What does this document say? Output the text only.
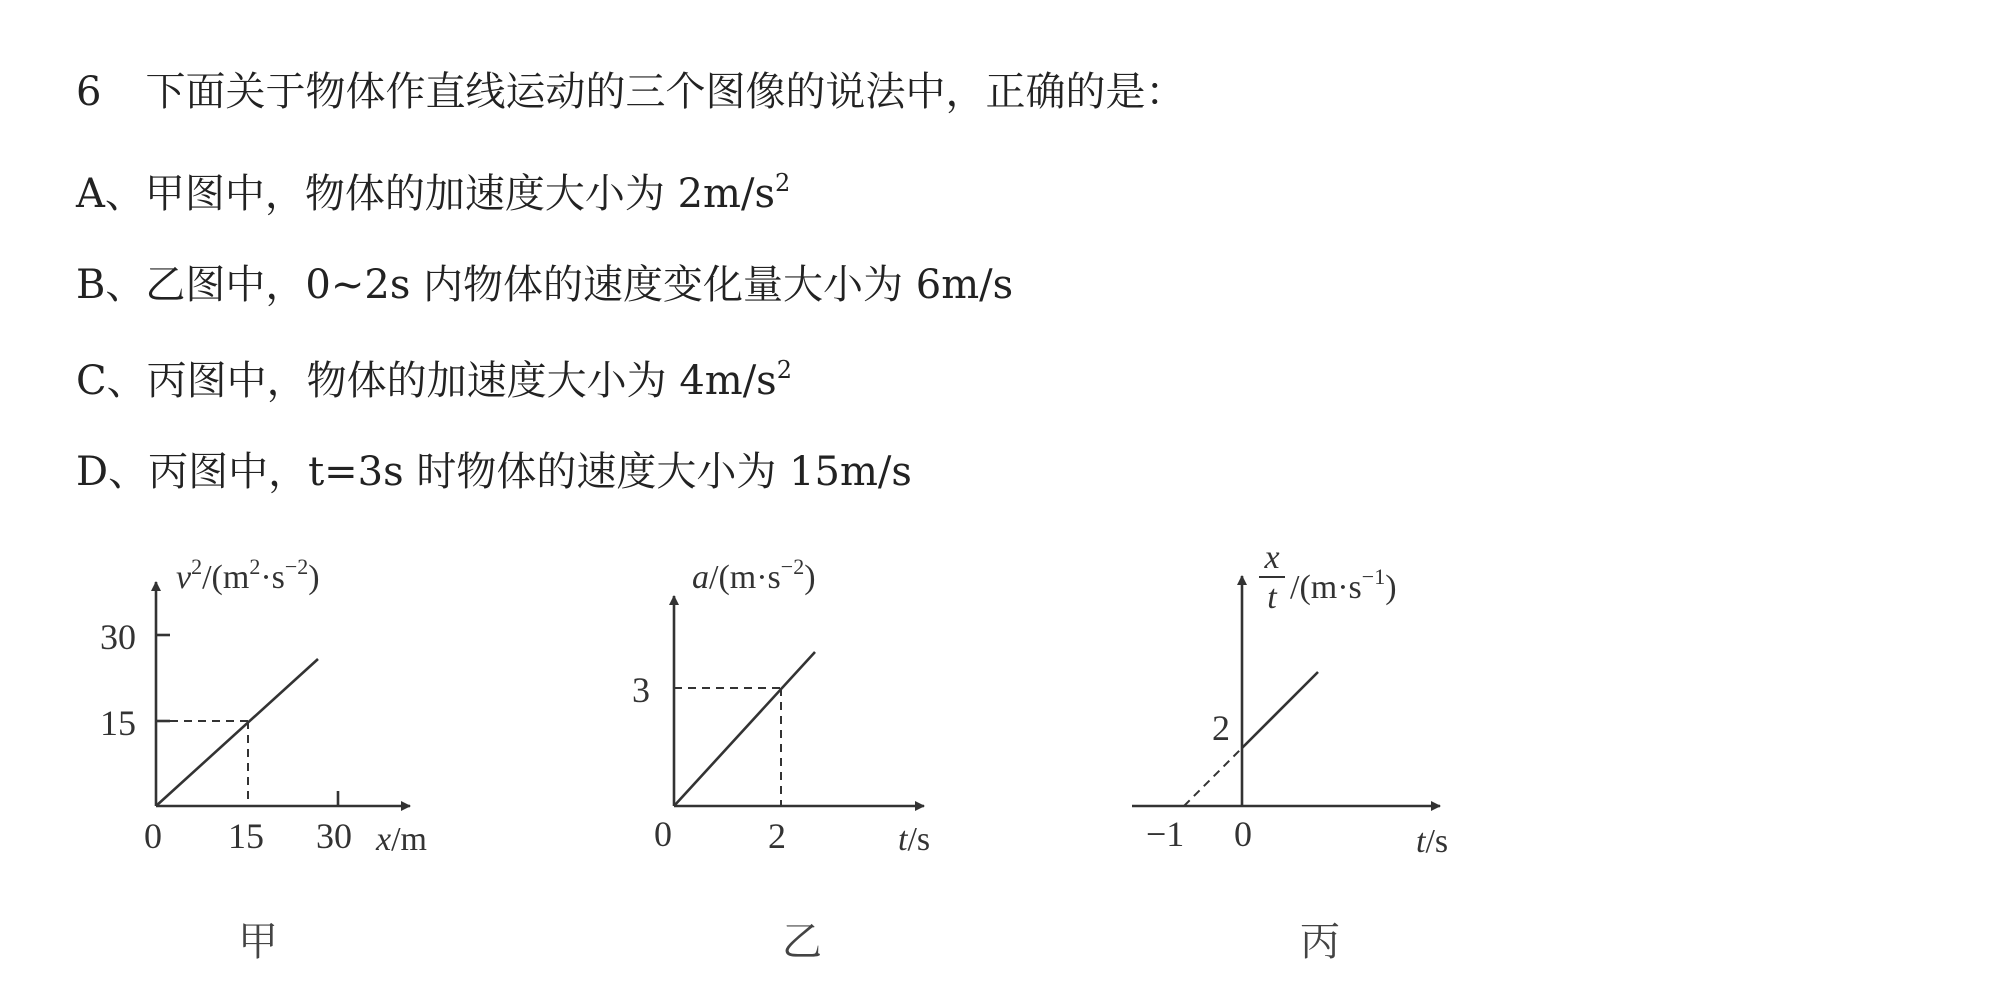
6 下面关于物体作直线运动的三个图像的说法中，正确的是：
A、甲图中，物体的加速度大小为 $2m/s^2$
B、乙图中，0~2s 内物体的速度变化量大小为 6m/s
C、丙图中，物体的加速度大小为 $4m/s^2$
D、丙图中，t=3s 时物体的速度大小为 15m/s
$v^2/(m^2\cdot s^{-2})$
30
15
0 15 30 x/m
甲
$a/(m\cdot s^{-2})$
3
0	2	t/s
乙
x
t $/(m\cdot s^{-1})$
2
−1 0	t/s
丙
